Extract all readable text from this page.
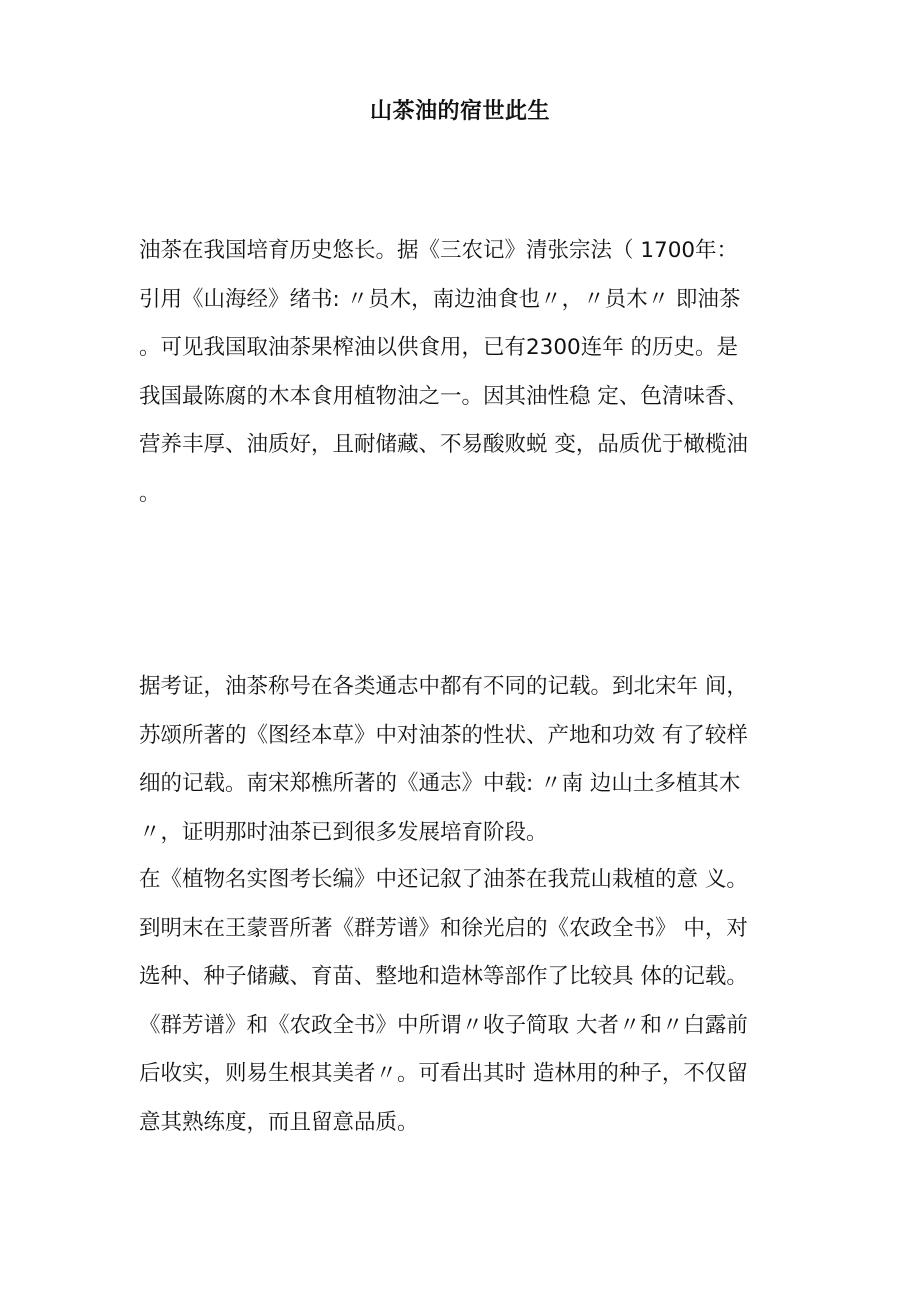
山茶油的宿世此生
油茶在我国培育历史悠长。据《三农记》清张宗法（ 1700年：
引用《山海经》绪书: 〃员木，南边油食也〃，〃员木〃 即油茶
。可见我国取油茶果榨油以供食用，已有2300连年 的历史。是
我国最陈腐的木本食用植物油之一。因其油性稳 定、色清味香、
营养丰厚、油质好，且耐储藏、不易酸败蜕 变，品质优于橄榄油
。
据考证，油茶称号在各类通志中都有不同的记载。到北宋年 间，
苏颂所著的《图经本草》中对油茶的性状、产地和功效 有了较样
细的记载。南宋郑樵所著的《通志》中载: 〃南 边山土多植其木
〃，证明那时油茶已到很多发展培育阶段。
在《植物名实图考长编》中还记叙了油茶在我荒山栽植的意 义。
到明末在王蒙晋所著《群芳谱》和徐光启的《农政全书》 中，对
选种、种子储藏、育苗、整地和造林等部作了比较具 体的记载。
《群芳谱》和《农政全书》中所谓〃收子简取 大者〃和〃白露前
后收实，则易生根其美者〃。可看出其时 造林用的种子，不仅留
意其熟练度，而且留意品质。
